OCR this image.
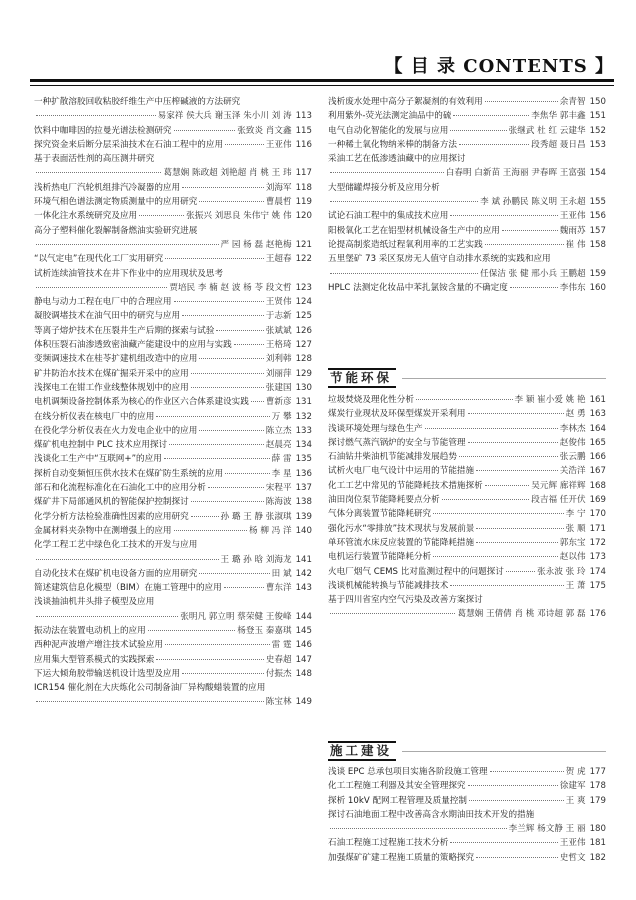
【 目 录 CONTENTS 】
一种扩散溶胶回收粘胶纤维生产中压榨碱液的方法研究
易家祥 侯大兵 谢玉泽 朱小川 刘 涛 113
饮料中咖啡因的拉曼光谱法检测研究	张致炎 肖文鑫 115
探究资金来后断分层采油技术在石油工程中的应用	王亚伟 116
基于表面活性剂的高压测井研究
葛慧娴 陈政超 刘艳超 肖 桃 王 玮 117
浅析热电厂汽轮机组排汽冷凝器的应用	刘海军 118
环境气相色谱法测定物质测量中的应用研究	曹晨哲 119
一体化注水系统研究及应用	张振兴 刘思良 朱伟宁 姚 伟 120
高分子塑料催化裂解制备燃油实验研究进展
严 园 杨 磊 赵艳梅 121
“以气定电”在现代化工厂实用研究	王超春 122
试析连续油管技术在井下作业中的应用现状及思考
贾培民 李 楠 赵 波 杨 苓 段文哲 123
静电与动力工程在电厂中的合理应用	王贤伟 124
凝胶调堵技术在油气田中的研究与应用	于志新 125
等离子熔炉技术在压裂井生产后期的探索与试验	张斌斌 126
体积压裂石油渗透致密油藏产能建设中的应用与实践	王格琦 127
变频调速技术在桂苓扩建机组改造中的应用	刘利韩 128
矿井防治水技术在煤矿掘采开采中的应用	刘丽萍 129
浅探电工在钳工作业线整体规划中的应用	张建国 130
电机调频设备控制体系为核心的作业区六合体系建设实践 曹新彦 131
在线分析仪表在核电厂中的应用	万 攀 132
在役化学分析仪表在火力发电企业中的应用	陈立杰 133
煤矿机电控制中 PLC 技术应用探讨	赵晨亮 134
浅谈化工生产中“互联网+”的应用	薛 雷 135
探析自动变频恒压供水技术在煤矿防生系统的应用	李 星 136
部石和化流程标准化在石油化工中的应用分析	宋程平 137
煤矿井下局部通风机的智能保护控制探讨	陈海波 138
化学分析方法检验准确性因素的应用研究	孙 璐 王 静 张淑琪 139
金属材料夹杂物中在测增强上的应用	杨 柳 冯 洋 140
化学工程工艺中绿色化工技术的开发与应用
王 璐 孙 晗 刘海龙 141
自动化技术在煤矿机电设备方面的应用研究	田 斌 142
简述建筑信息化模型（BIM）在施工管理中的应用	曹东洋 143
浅谈抽油机井头排子模型及应用
张明凡 郭立明 蔡荣健 王俊峰 144
振动法在装置电动机上的应用	杨登玉 秦嘉琪 145
西种泥声波增产增注技术试验应用	雷 霆 146
应用集大型管系模式的实践探索	史春超 147
下运大倾角胶带输送机设计选型及应用	付振杰 148
ICR154 催化剂在大庆炼化公司制备油厂异构酸蜡装置的应用
陈宝林 149
浅析废水处理中高分子絮凝剂的有效利用	余青智 150
利用紫外-荧光法测定油品中的硫	李焦华 郭丰鑫 151
电气自动化智能化的发展与应用	张继武 杜 红 云建华 152
一种稀土氧化物纳米棒的制备方法	段秀超 聂日昌 153
采油工艺在低渗透油藏中的应用探讨
白春明 白新苗 王海丽 尹春晖 王富强 154
大型储罐焊接分析及应用分析
李 斌 孙鹏民 陈义明 王永超 155
试论石油工程中的集成技术应用	王亚伟 156
阳极氧化工艺在铝型材机械设备生产中的应用	魏雨苏 157
论提高制浆造纸过程氧利用率的工艺实践	崔 伟 158
五里堡矿 73 采区泵房无人值守自动排水系统的实践和应用
任保洁 张 健 邢小兵 王鹏超 159
HPLC 法测定化妆品中苯扎氯铵含量的不确定度	李伟东 160
节能环保
垃圾焚烧及理化性分析	李 颖 崔小爱 姚 艳 161
煤炭行业现状及环保型煤炭开采利用	赵 勇 163
浅谈环境处理与绿色生产	李林杰 164
探讨燃气蒸汽锅炉的安全与节能管理	赵俊伟 165
石油钻井柴油机节能减排发展趋势	张云鹏 166
试析火电厂电气设计中运用的节能措施	关浩洋 167
化工工艺中常见的节能降耗技术措施探析	吴元辉 廊祥辉 168
油田岗位泵节能降耗要点分析	段吉福 任开伏 169
气体分离装置节能降耗研究	李 宁 170
强化污水“零排放”技术现状与发展前景	张 顺 171
单环管流水床反应装置的节能降耗措施	郭东宝 172
电机运行装置节能降耗分析	赵以伟 173
火电厂烟气 CEMS 比对监测过程中的问题探讨	张永波 张 玲 174
浅谈机械能转换与节能减排技术	王 萧 175
基于四川省室内空气污染及改善方案探讨
葛慧娴 王倩倩 肖 桃 邓诗超 郭 磊 176
施工建设
浅谈 EPC 总承包项目实施各阶段施工管理	贺 虎 177
化工工程施工利器及其安全管理探究	徐建军 178
探析 10kV 配网工程管理及质量控制	王 爽 179
探讨石油地面工程中改善高含水期油田技术开发的措施
李兰辉 杨文静 王 丽 180
石油工程施工过程施工技术分析	王亚伟 181
加强煤矿矿建工程施工质量的策略探究	史哲文 182
